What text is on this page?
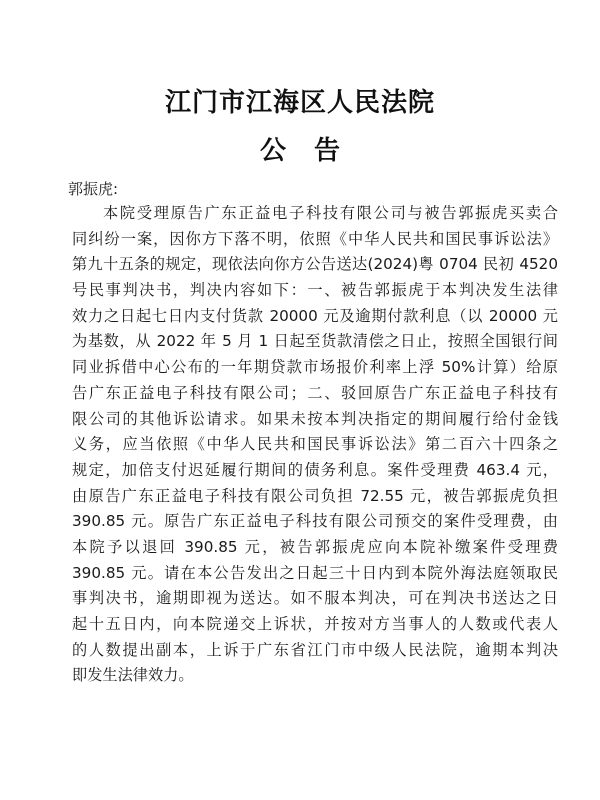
江门市江海区人民法院
公告
郭振虎:
本院受理原告广东正益电子科技有限公司与被告郭振虎买卖合
同纠纷一案，因你方下落不明，依照《中华人民共和国民事诉讼法》
第九十五条的规定，现依法向你方公告送达(2024)粤 0704 民初 4520
号民事判决书，判决内容如下：一、被告郭振虎于本判决发生法律
效力之日起七日内支付货款 20000 元及逾期付款利息（以 20000 元
为基数，从 2022 年 5 月 1 日起至货款清偿之日止，按照全国银行间
同业拆借中心公布的一年期贷款市场报价利率上浮 50%计算）给原
告广东正益电子科技有限公司；二、驳回原告广东正益电子科技有
限公司的其他诉讼请求。如果未按本判决指定的期间履行给付金钱
义务，应当依照《中华人民共和国民事诉讼法》第二百六十四条之
规定，加倍支付迟延履行期间的债务利息。案件受理费 463.4 元，
由原告广东正益电子科技有限公司负担 72.55 元，被告郭振虎负担
390.85 元。原告广东正益电子科技有限公司预交的案件受理费，由
本院予以退回 390.85 元，被告郭振虎应向本院补缴案件受理费
390.85 元。请在本公告发出之日起三十日内到本院外海法庭领取民
事判决书，逾期即视为送达。如不服本判决，可在判决书送达之日
起十五日内，向本院递交上诉状，并按对方当事人的人数或代表人
的人数提出副本，上诉于广东省江门市中级人民法院，逾期本判决
即发生法律效力。
